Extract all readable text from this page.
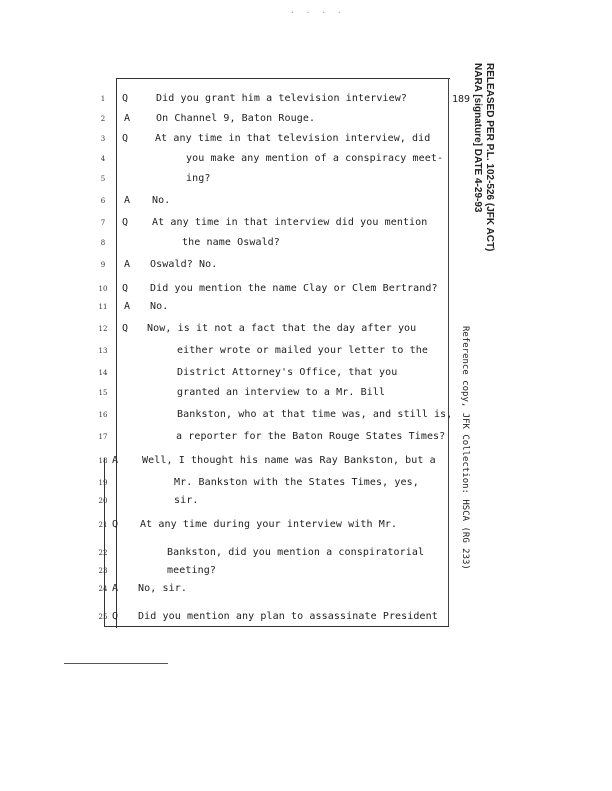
· · · ·
189 RELEASED PER P.L. 102-526 (JFK ACT)
NARA [signature] DATE 4-29-93
Reference copy, JFK Collection: HSCA (RG 233)
1	Q	Did you grant him a television interview?
2	A	On Channel 9, Baton Rouge.
3	Q	At any time in that television interview, did
4	you make any mention of a conspiracy meet-
5	ing?
6	A No.
7	Q At any time in that interview did you mention
8	the name Oswald?
9	A Oswald? No.
10 Q Did you mention the name Clay or Clem Bertrand?
11 A No.
12 Q Now, is it not a fact that the day after you
13	either wrote or mailed your letter to the
14	District Attorney's Office, that you
15	granted an interview to a Mr. Bill
16	Bankston, who at that time was, and still is,
17	a reporter for the Baton Rouge States Times?
18 A Well, I thought his name was Ray Bankston, but a
19	Mr. Bankston with the States Times, yes,
20	sir.
21 Q At any time during your interview with Mr.
22	Bankston, did you mention a conspiratorial
23	meeting?
24 A No, sir.
25 Q Did you mention any plan to assassinate President
